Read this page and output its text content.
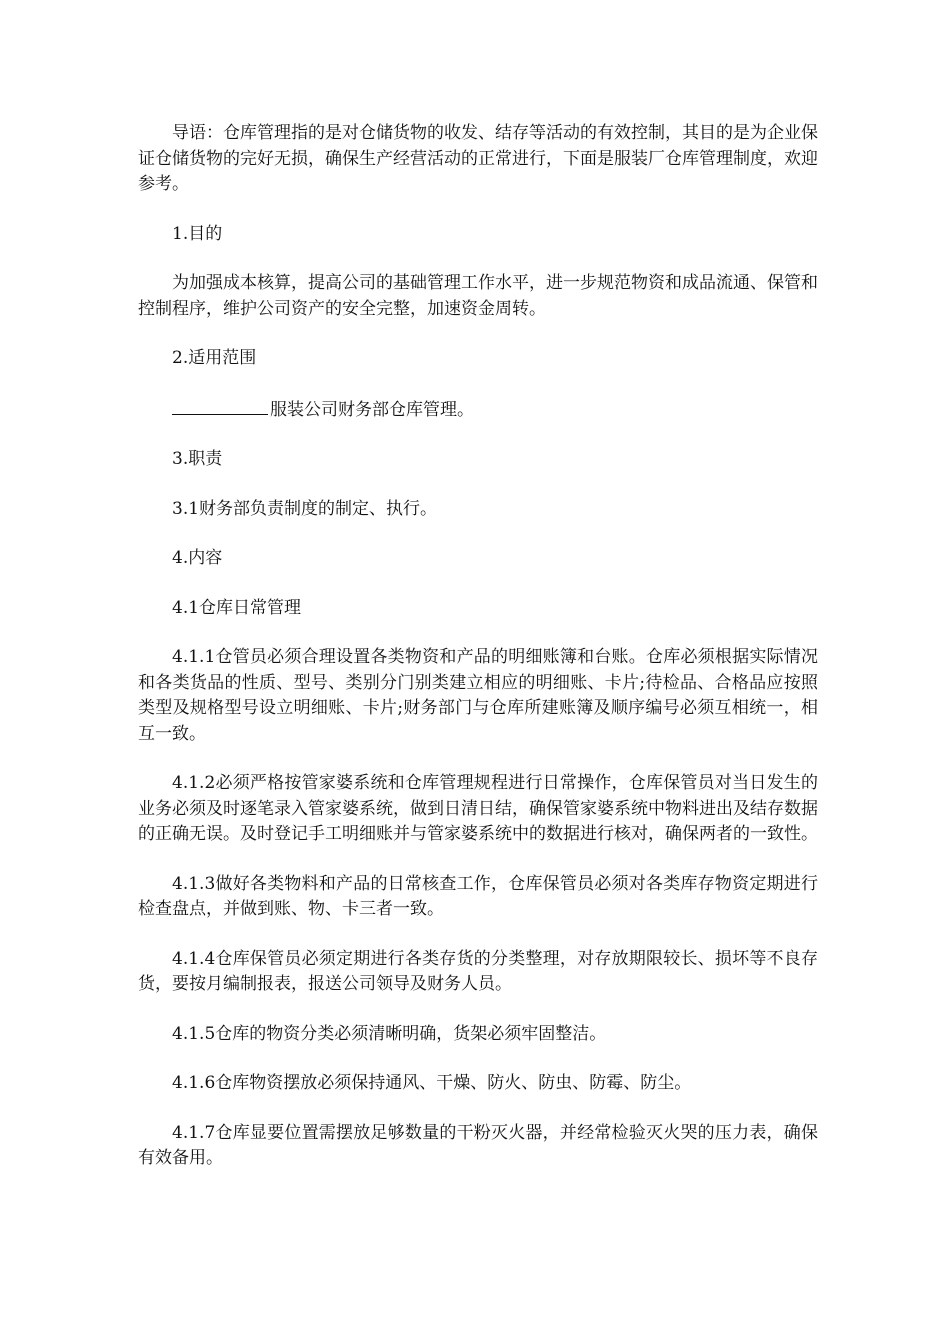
导语：仓库管理指的是对仓储货物的收发、结存等活动的有效控制，其目的是为企业保证仓储货物的完好无损，确保生产经营活动的正常进行，下面是服装厂仓库管理制度，欢迎参考。

1.目的

为加强成本核算，提高公司的基础管理工作水平，进一步规范物资和成品流通、保管和控制程序，维护公司资产的安全完整，加速资金周转。

2.适用范围

服装公司财务部仓库管理。

3.职责

3.1财务部负责制度的制定、执行。

4.内容

4.1仓库日常管理

4.1.1仓管员必须合理设置各类物资和产品的明细账簿和台账。仓库必须根据实际情况和各类货品的性质、型号、类别分门别类建立相应的明细账、卡片;待检品、合格品应按照类型及规格型号设立明细账、卡片;财务部门与仓库所建账簿及顺序编号必须互相统一，相互一致。

4.1.2必须严格按管家婆系统和仓库管理规程进行日常操作，仓库保管员对当日发生的业务必须及时逐笔录入管家婆系统，做到日清日结，确保管家婆系统中物料进出及结存数据的正确无误。及时登记手工明细账并与管家婆系统中的数据进行核对，确保两者的一致性。

4.1.3做好各类物料和产品的日常核查工作，仓库保管员必须对各类库存物资定期进行检查盘点，并做到账、物、卡三者一致。

4.1.4仓库保管员必须定期进行各类存货的分类整理，对存放期限较长、损坏等不良存货，要按月编制报表，报送公司领导及财务人员。

4.1.5仓库的物资分类必须清晰明确，货架必须牢固整洁。

4.1.6仓库物资摆放必须保持通风、干燥、防火、防虫、防霉、防尘。

4.1.7仓库显要位置需摆放足够数量的干粉灭火器，并经常检验灭火哭的压力表，确保有效备用。
